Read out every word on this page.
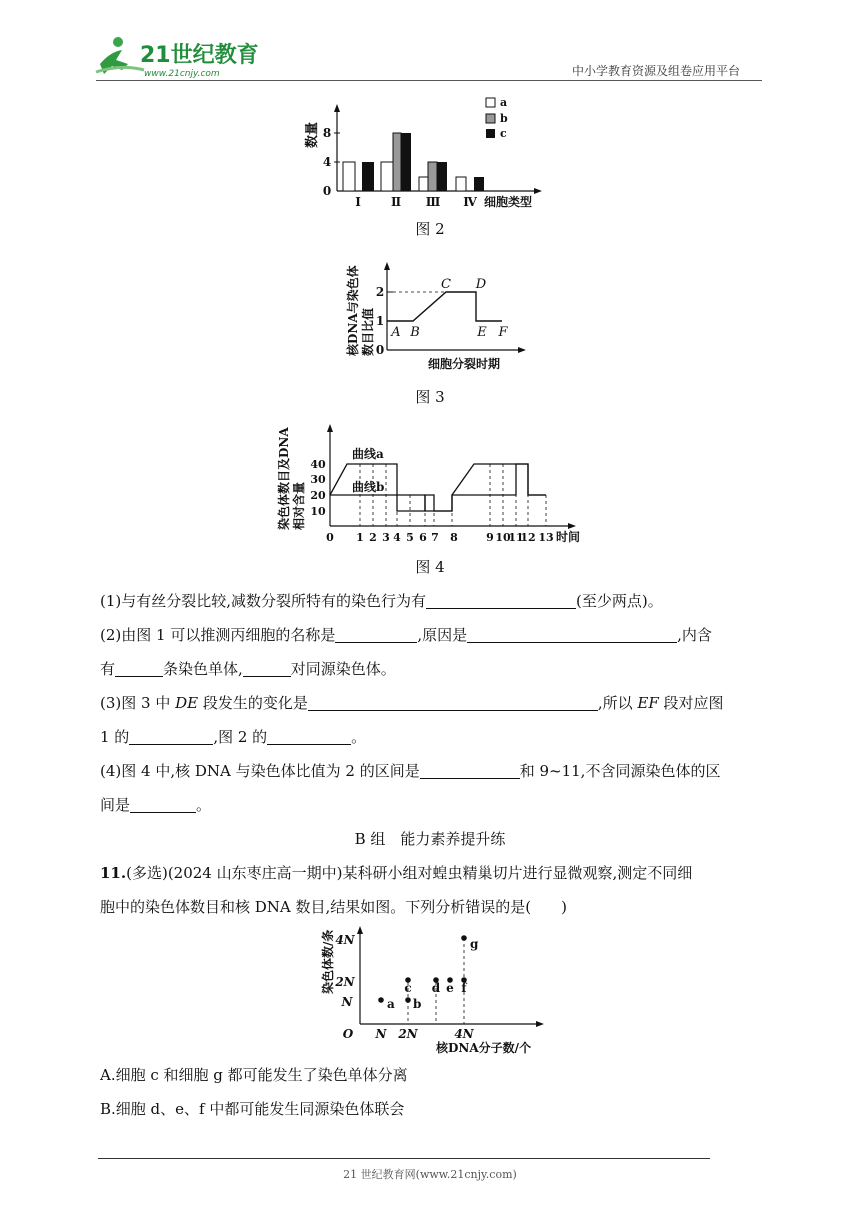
21世纪教育
www.21cnjy.com	中小学教育资源及组卷应用平台
数量
0
4
8
a
b
c
Ⅰ	Ⅱ Ⅲ Ⅳ 细胞类型
图 2
核DNA与染色体 数目比值 0
1
2
A B
C D
E F
细胞分裂时期
图 3
染色体数目及DNA 相对含量 10
20
30
40
曲线a
曲线b
0 1 2 3 4 5 6 7 8	9 10
11
12 13 时间
图 4
(1)与有丝分裂比较,减数分裂所特有的染色行为有	(至少两点)。
(2)由图 1 可以推测丙细胞的名称是	,原因是	,内含
有	条染色单体,	对同源染色体。
(3)图 3 中 DE 段发生的变化是	,所以 EF 段对应图
1 的	,图 2 的	。
(4)图 4 中,核 DNA 与染色体比值为 2 的区间是	和 9~11,不含同源染色体的区
间是	。
B 组　能力素养提升练
11.(多选)(2024 山东枣庄高一期中)某科研小组对蝗虫精巢切片进行显微观察,测定不同细
胞中的染色体数目和核 DNA 数目,结果如图。下列分析错误的是(　　)
染色体数/条
O
N
2N
4N
N 2N	4N
a b
c d e f
g
核DNA分子数/个
A.细胞 c 和细胞 g 都可能发生了染色单体分离
B.细胞 d、e、f 中都可能发生同源染色体联会
21 世纪教育网(www.21cnjy.com)
